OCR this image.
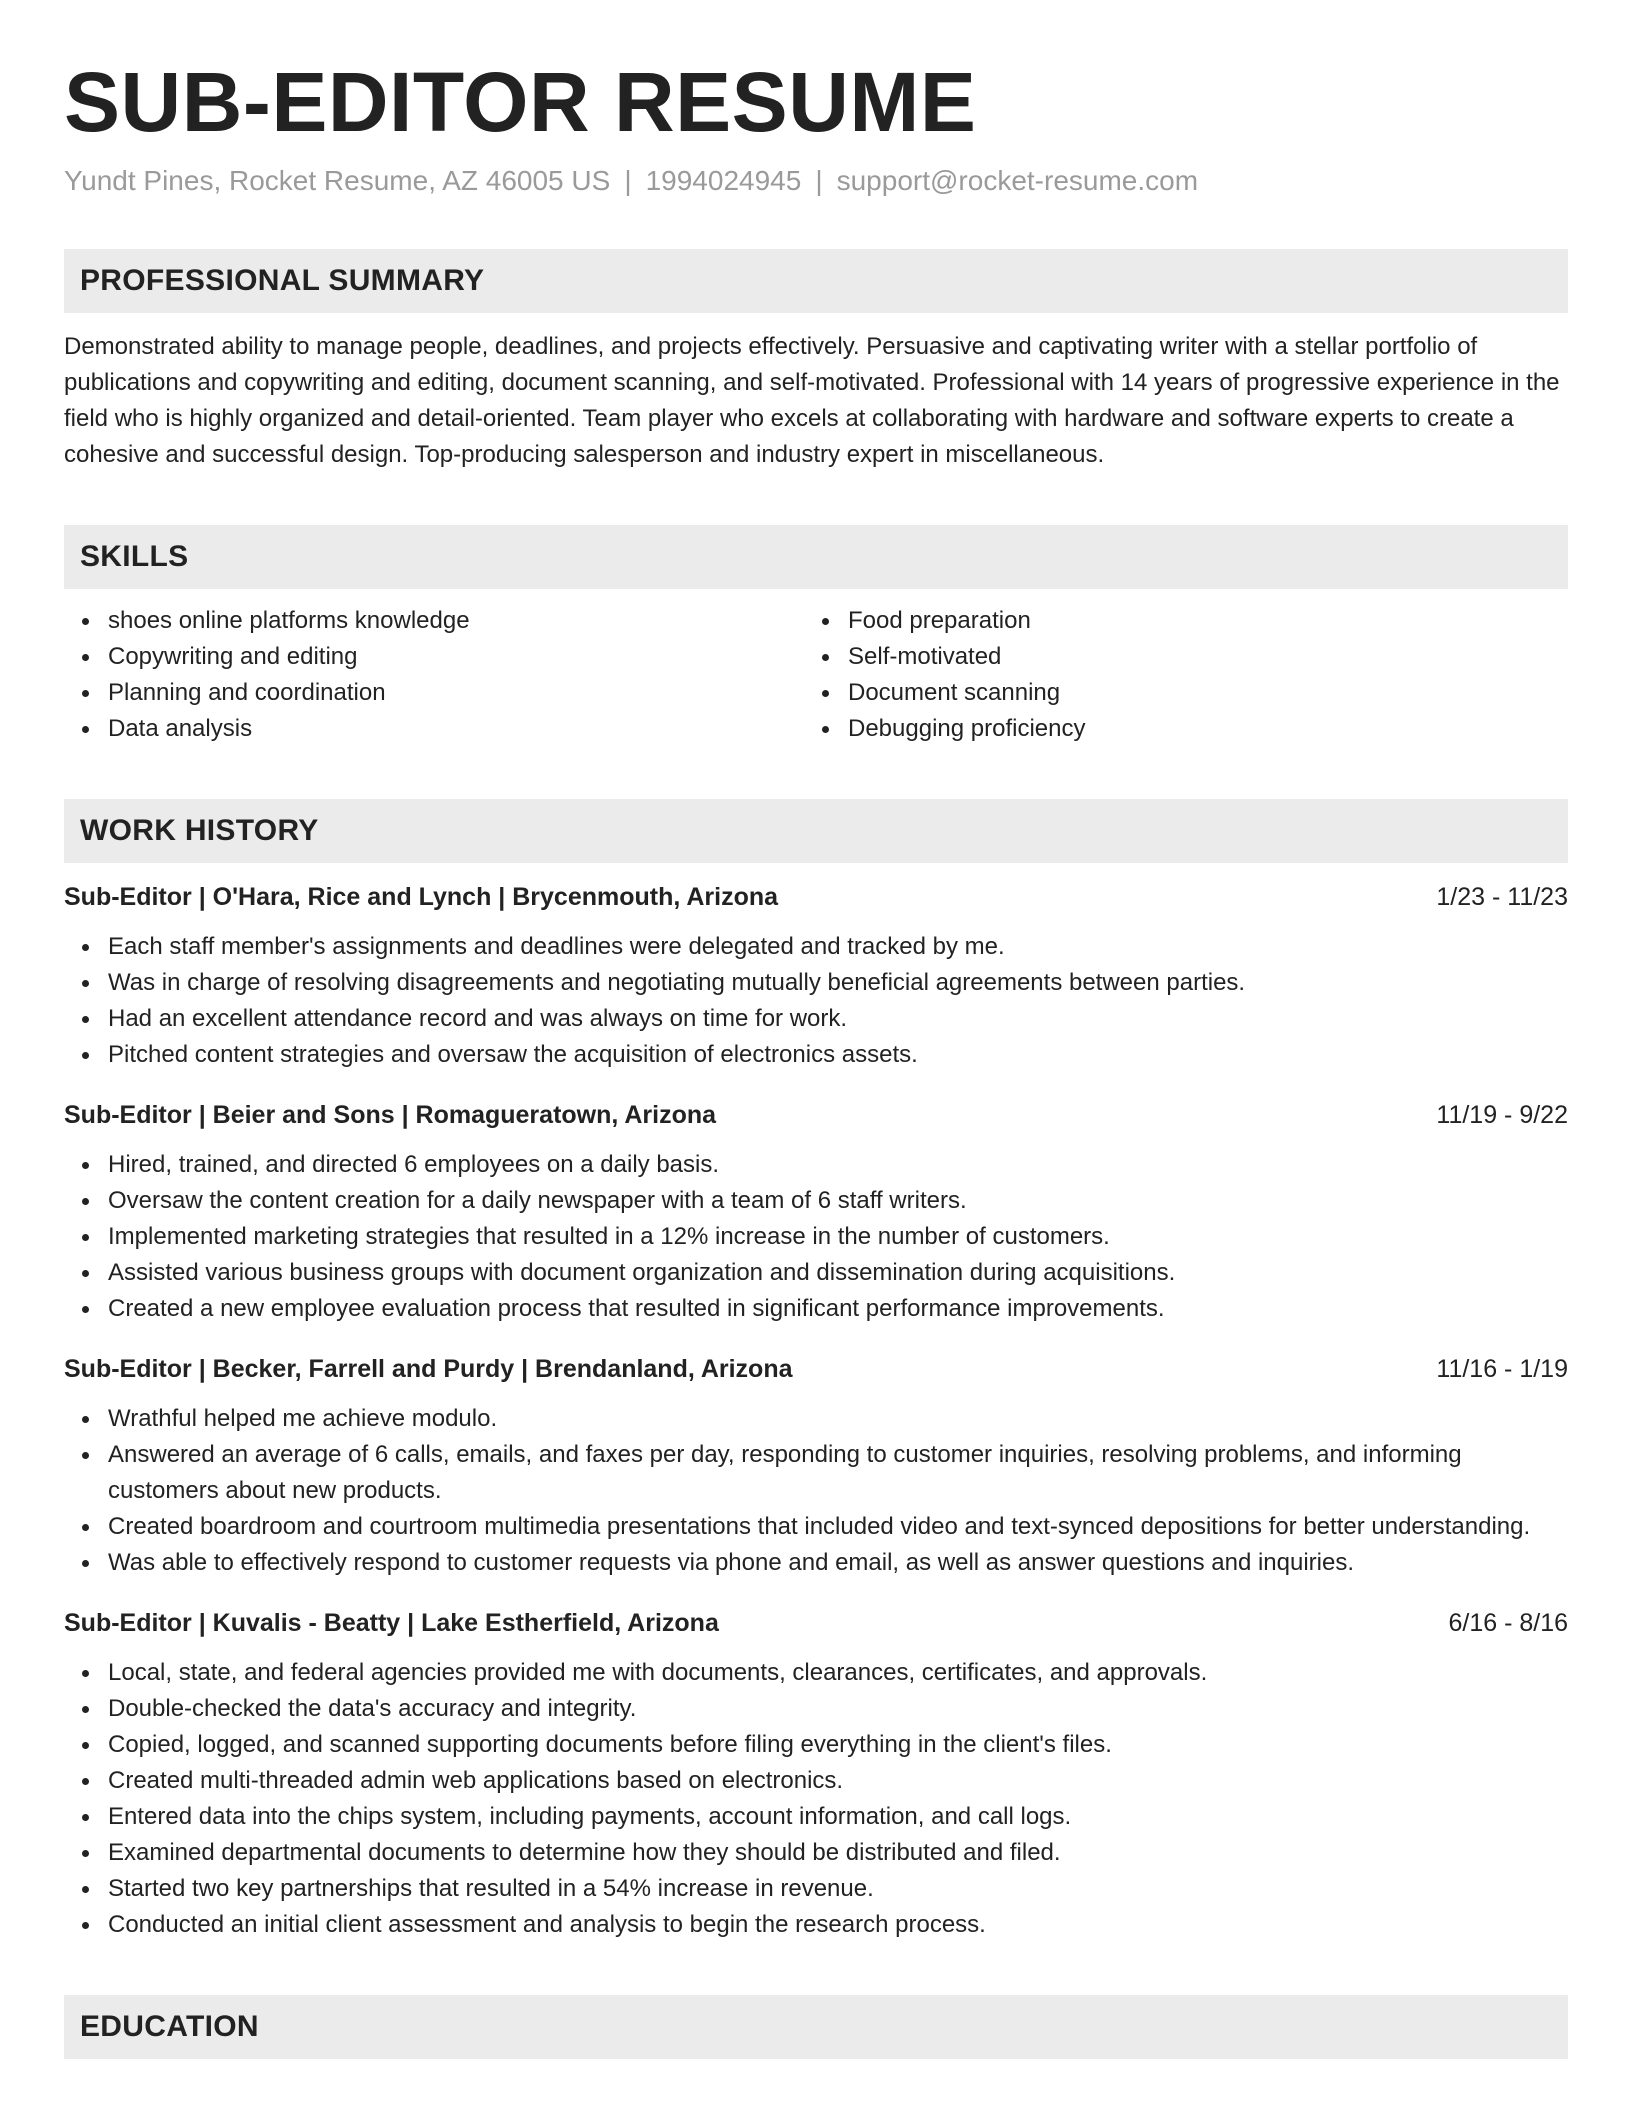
SUB-EDITOR RESUME
Yundt Pines, Rocket Resume, AZ 46005 US | 1994024945 | support@rocket-resume.com
PROFESSIONAL SUMMARY
Demonstrated ability to manage people, deadlines, and projects effectively. Persuasive and captivating writer with a stellar portfolio of publications and copywriting and editing, document scanning, and self-motivated. Professional with 14 years of progressive experience in the field who is highly organized and detail-oriented. Team player who excels at collaborating with hardware and software experts to create a cohesive and successful design. Top-producing salesperson and industry expert in miscellaneous.
SKILLS
shoes online platforms knowledge
Copywriting and editing
Planning and coordination
Data analysis
Food preparation
Self-motivated
Document scanning
Debugging proficiency
WORK HISTORY
Sub-Editor | O'Hara, Rice and Lynch | Brycenmouth, Arizona	1/23 - 11/23
Each staff member's assignments and deadlines were delegated and tracked by me.
Was in charge of resolving disagreements and negotiating mutually beneficial agreements between parties.
Had an excellent attendance record and was always on time for work.
Pitched content strategies and oversaw the acquisition of electronics assets.
Sub-Editor | Beier and Sons | Romagueratown, Arizona	11/19 - 9/22
Hired, trained, and directed 6 employees on a daily basis.
Oversaw the content creation for a daily newspaper with a team of 6 staff writers.
Implemented marketing strategies that resulted in a 12% increase in the number of customers.
Assisted various business groups with document organization and dissemination during acquisitions.
Created a new employee evaluation process that resulted in significant performance improvements.
Sub-Editor | Becker, Farrell and Purdy | Brendanland, Arizona	11/16 - 1/19
Wrathful helped me achieve modulo.
Answered an average of 6 calls, emails, and faxes per day, responding to customer inquiries, resolving problems, and informing customers about new products.
Created boardroom and courtroom multimedia presentations that included video and text-synced depositions for better understanding.
Was able to effectively respond to customer requests via phone and email, as well as answer questions and inquiries.
Sub-Editor | Kuvalis - Beatty | Lake Estherfield, Arizona	6/16 - 8/16
Local, state, and federal agencies provided me with documents, clearances, certificates, and approvals.
Double-checked the data's accuracy and integrity.
Copied, logged, and scanned supporting documents before filing everything in the client's files.
Created multi-threaded admin web applications based on electronics.
Entered data into the chips system, including payments, account information, and call logs.
Examined departmental documents to determine how they should be distributed and filed.
Started two key partnerships that resulted in a 54% increase in revenue.
Conducted an initial client assessment and analysis to begin the research process.
EDUCATION
